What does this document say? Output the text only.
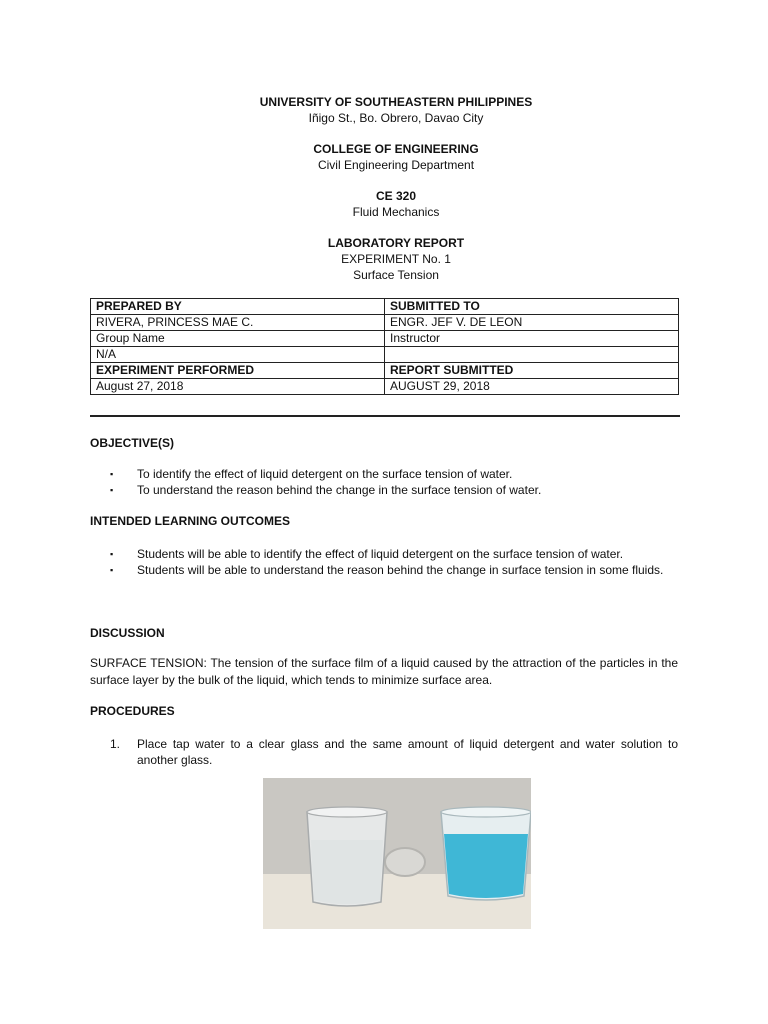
UNIVERSITY OF SOUTHEASTERN PHILIPPINES
Iñigo St., Bo. Obrero, Davao City
COLLEGE OF ENGINEERING
Civil Engineering Department
CE 320
Fluid Mechanics
LABORATORY REPORT
EXPERIMENT No. 1
Surface Tension
PREPARED BY	SUBMITTED TO
RIVERA, PRINCESS MAE C.	ENGR. JEF V. DE LEON
Group Name	Instructor
N/A	
EXPERIMENT PERFORMED	REPORT SUBMITTED
August 27, 2018	AUGUST 29, 2018
OBJECTIVE(S)
▪ To identify the effect of liquid detergent on the surface tension of water.
▪ To understand the reason behind the change in the surface tension of water.
INTENDED LEARNING OUTCOMES
▪ Students will be able to identify the effect of liquid detergent on the surface tension of water.
▪ Students will be able to understand the reason behind the change in surface tension in some fluids.
DISCUSSION
SURFACE TENSION: The tension of the surface film of a liquid caused by the attraction of the particles in the surface layer by the bulk of the liquid, which tends to minimize surface area.
PROCEDURES
1. Place tap water to a clear glass and the same amount of liquid detergent and water solution to another glass.
